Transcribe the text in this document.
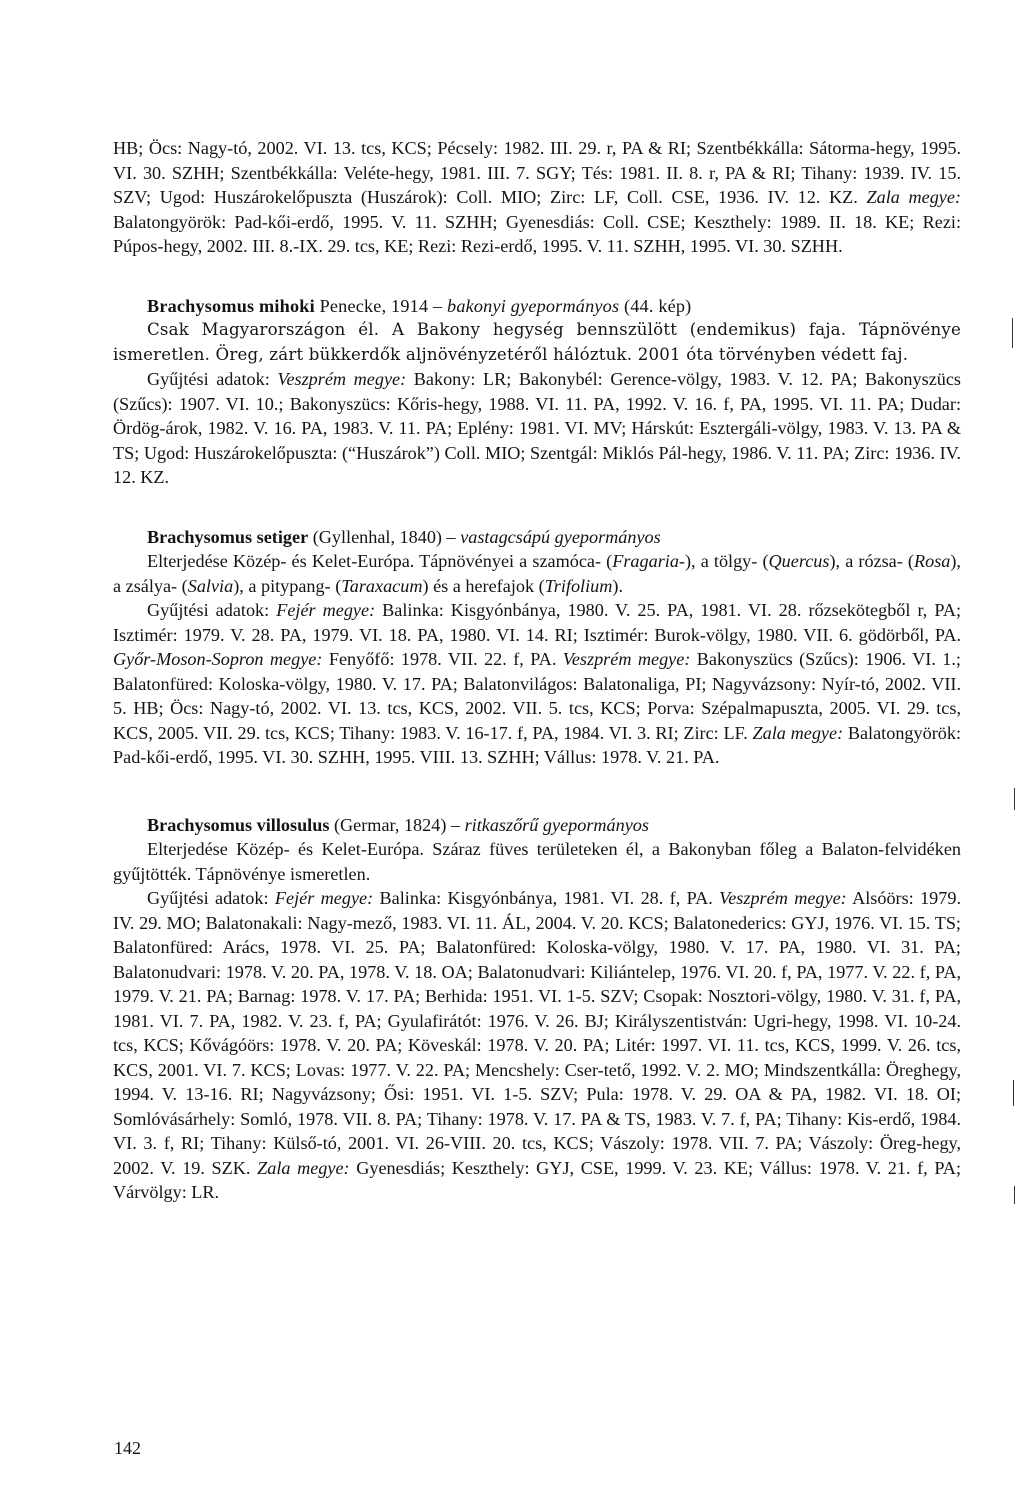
HB; Öcs: Nagy-tó, 2002. VI. 13. tcs, KCS; Pécsely: 1982. III. 29. r, PA & RI; Szentbékkálla: Sátorma-hegy, 1995. VI. 30. SZHH; Szentbékkálla: Veléte-hegy, 1981. III. 7. SGY; Tés: 1981. II. 8. r, PA & RI; Tihany: 1939. IV. 15. SZV; Ugod: Huszárokelőpuszta (Huszárok): Coll. MIO; Zirc: LF, Coll. CSE, 1936. IV. 12. KZ. Zala megye: Balatongyörök: Pad-kői-erdő, 1995. V. 11. SZHH; Gyenesdiás: Coll. CSE; Keszthely: 1989. II. 18. KE; Rezi: Púpos-hegy, 2002. III. 8.-IX. 29. tcs, KE; Rezi: Rezi-erdő, 1995. V. 11. SZHH, 1995. VI. 30. SZHH.

Brachysomus mihoki Penecke, 1914 – bakonyi gyepormányos (44. kép)

Csak Magyarországon él. A Bakony hegység bennszülött (endemikus) faja. Tápnövénye ismeretlen. Öreg, zárt bükkerdők aljnövényzetéről hálóztuk. 2001 óta törvényben védett faj.

Gyűjtési adatok: Veszprém megye: Bakony: LR; Bakonybél: Gerence-völgy, 1983. V. 12. PA; Bakonyszücs (Szűcs): 1907. VI. 10.; Bakonyszücs: Kőris-hegy, 1988. VI. 11. PA, 1992. V. 16. f, PA, 1995. VI. 11. PA; Dudar: Ördög-árok, 1982. V. 16. PA, 1983. V. 11. PA; Eplény: 1981. VI. MV; Hárskút: Esztergáli-völgy, 1983. V. 13. PA & TS; Ugod: Huszárokelőpuszta: (“Huszárok”) Coll. MIO; Szentgál: Miklós Pál-hegy, 1986. V. 11. PA; Zirc: 1936. IV. 12. KZ.

Brachysomus setiger (Gyllenhal, 1840) – vastagcsápú gyepormányos

Elterjedése Közép- és Kelet-Európa. Tápnövényei a szamóca- (Fragaria-), a tölgy- (Quercus), a rózsa- (Rosa), a zsálya- (Salvia), a pitypang- (Taraxacum) és a herefajok (Trifolium).

Gyűjtési adatok: Fejér megye: Balinka: Kisgyónbánya, 1980. V. 25. PA, 1981. VI. 28. rőzsekötegből r, PA; Isztimér: 1979. V. 28. PA, 1979. VI. 18. PA, 1980. VI. 14. RI; Isztimér: Burok-völgy, 1980. VII. 6. gödörből, PA. Győr-Moson-Sopron megye: Fenyőfő: 1978. VII. 22. f, PA. Veszprém megye: Bakonyszücs (Szűcs): 1906. VI. 1.; Balatonfüred: Koloska-völgy, 1980. V. 17. PA; Balatonvilágos: Balatonaliga, PI; Nagyvázsony: Nyír-tó, 2002. VII. 5. HB; Öcs: Nagy-tó, 2002. VI. 13. tcs, KCS, 2002. VII. 5. tcs, KCS; Porva: Szépalmapuszta, 2005. VI. 29. tcs, KCS, 2005. VII. 29. tcs, KCS; Tihany: 1983. V. 16-17. f, PA, 1984. VI. 3. RI; Zirc: LF. Zala megye: Balatongyörök: Pad-kői-erdő, 1995. VI. 30. SZHH, 1995. VIII. 13. SZHH; Vállus: 1978. V. 21. PA.

Brachysomus villosulus (Germar, 1824) – ritkaszőrű gyepormányos

Elterjedése Közép- és Kelet-Európa. Száraz füves területeken él, a Bakonyban főleg a Balaton-felvidéken gyűjtötték. Tápnövénye ismeretlen.

Gyűjtési adatok: Fejér megye: Balinka: Kisgyónbánya, 1981. VI. 28. f, PA. Veszprém megye: Alsóörs: 1979. IV. 29. MO; Balatonakali: Nagy-mező, 1983. VI. 11. ÁL, 2004. V. 20. KCS; Balatonederics: GYJ, 1976. VI. 15. TS; Balatonfüred: Arács, 1978. VI. 25. PA; Balatonfüred: Koloska-völgy, 1980. V. 17. PA, 1980. VI. 31. PA; Balatonudvari: 1978. V. 20. PA, 1978. V. 18. OA; Balatonudvari: Kiliántelep, 1976. VI. 20. f, PA, 1977. V. 22. f, PA, 1979. V. 21. PA; Barnag: 1978. V. 17. PA; Berhida: 1951. VI. 1-5. SZV; Csopak: Nosztori-völgy, 1980. V. 31. f, PA, 1981. VI. 7. PA, 1982. V. 23. f, PA; Gyulafirátót: 1976. V. 26. BJ; Királyszentistván: Ugri-hegy, 1998. VI. 10-24. tcs, KCS; Kővágóörs: 1978. V. 20. PA; Köveskál: 1978. V. 20. PA; Litér: 1997. VI. 11. tcs, KCS, 1999. V. 26. tcs, KCS, 2001. VI. 7. KCS; Lovas: 1977. V. 22. PA; Mencshely: Cser-tető, 1992. V. 2. MO; Mindszentkálla: Öreghegy, 1994. V. 13-16. RI; Nagyvázsony; Ősi: 1951. VI. 1-5. SZV; Pula: 1978. V. 29. OA & PA, 1982. VI. 18. OI; Somlóvásárhely: Somló, 1978. VII. 8. PA; Tihany: 1978. V. 17. PA & TS, 1983. V. 7. f, PA; Tihany: Kis-erdő, 1984. VI. 3. f, RI; Tihany: Külső-tó, 2001. VI. 26-VIII. 20. tcs, KCS; Vászoly: 1978. VII. 7. PA; Vászoly: Öreg-hegy, 2002. V. 19. SZK. Zala megye: Gyenesdiás; Keszthely: GYJ, CSE, 1999. V. 23. KE; Vállus: 1978. V. 21. f, PA; Várvölgy: LR.

142
